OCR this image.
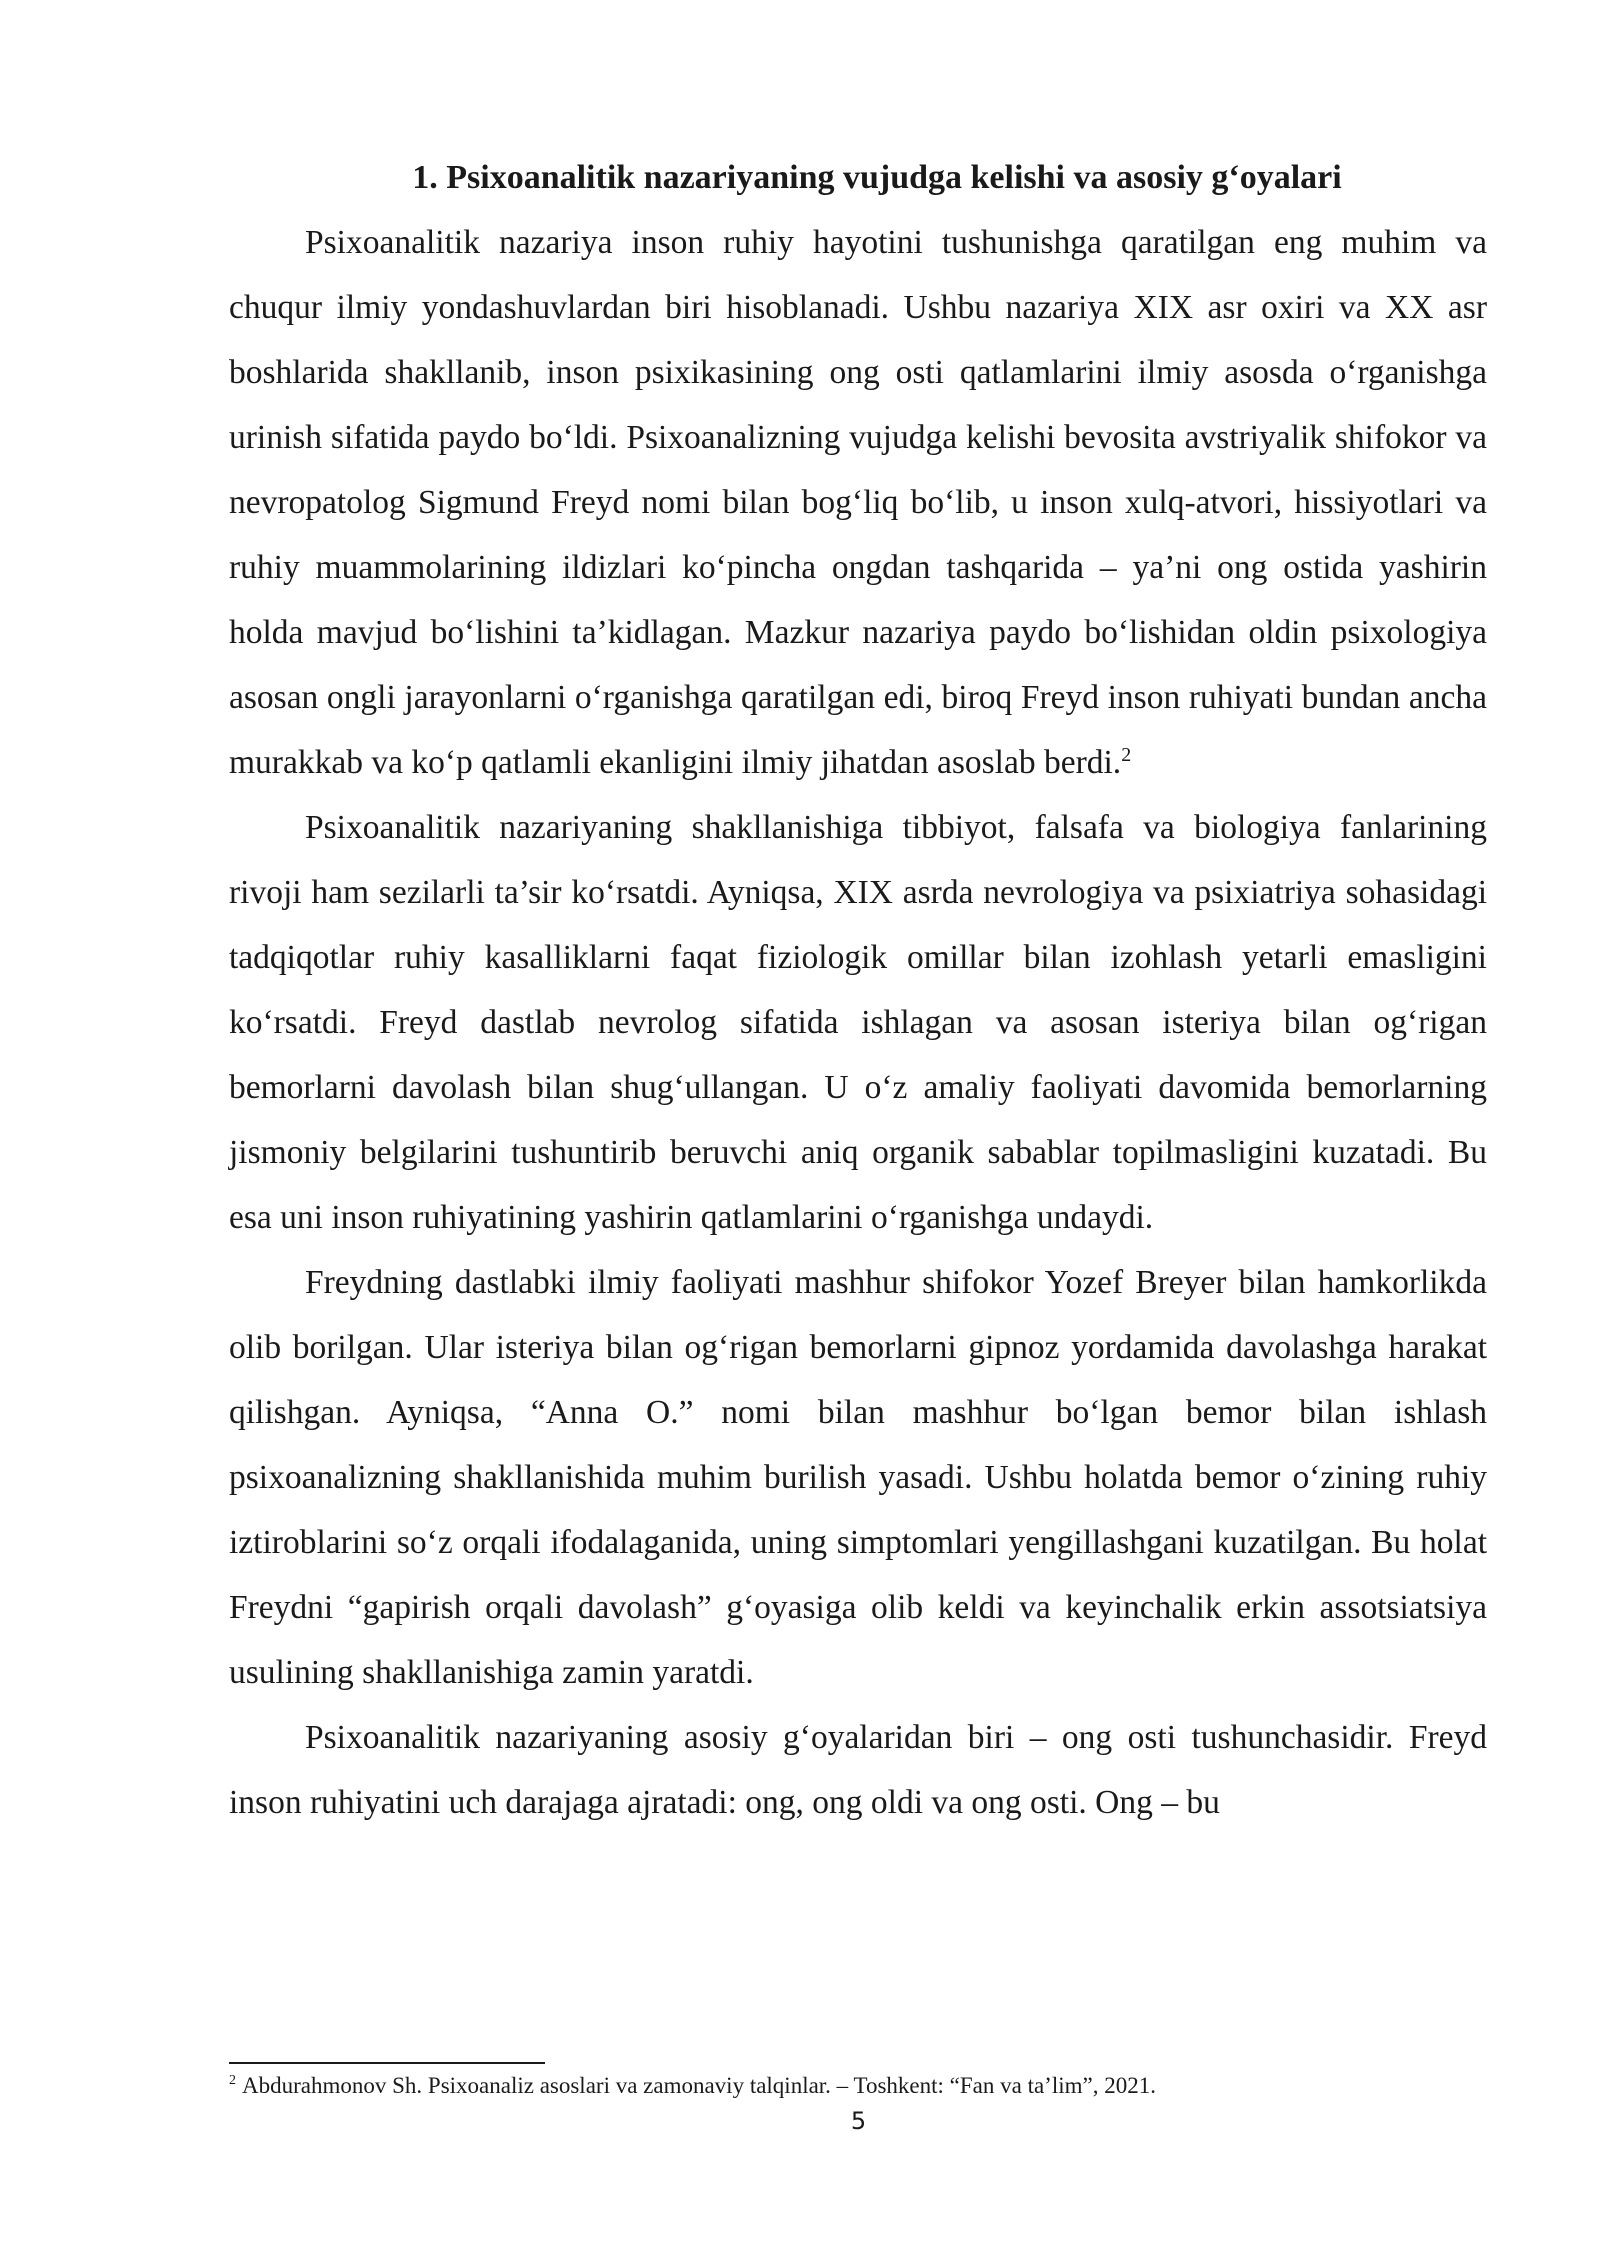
1. Psixoanalitik nazariyaning vujudga kelishi va asosiy g‘oyalari

Psixoanalitik nazariya inson ruhiy hayotini tushunishga qaratilgan eng muhim va chuqur ilmiy yondashuvlardan biri hisoblanadi. Ushbu nazariya XIX asr oxiri va XX asr boshlarida shakllanib, inson psixikasining ong osti qatlamlarini ilmiy asosda o‘rganishga urinish sifatida paydo bo‘ldi. Psixoanalizning vujudga kelishi bevosita avstriyalik shifokor va nevropatolog Sigmund Freyd nomi bilan bog‘liq bo‘lib, u inson xulq-atvori, hissiyotlari va ruhiy muammolarining ildizlari ko‘pincha ongdan tashqarida – ya’ni ong ostida yashirin holda mavjud bo‘lishini ta’kidlagan. Mazkur nazariya paydo bo‘lishidan oldin psixologiya asosan ongli jarayonlarni o‘rganishga qaratilgan edi, biroq Freyd inson ruhiyati bundan ancha murakkab va ko‘p qatlamli ekanligini ilmiy jihatdan asoslab berdi.$^2$

Psixoanalitik nazariyaning shakllanishiga tibbiyot, falsafa va biologiya fanlarining rivoji ham sezilarli ta’sir ko‘rsatdi. Ayniqsa, XIX asrda nevrologiya va psixiatriya sohasidagi tadqiqotlar ruhiy kasalliklarni faqat fiziologik omillar bilan izohlash yetarli emasligini ko‘rsatdi. Freyd dastlab nevrolog sifatida ishlagan va asosan isteriya bilan og‘rigan bemorlarni davolash bilan shug‘ullangan. U o‘z amaliy faoliyati davomida bemorlarning jismoniy belgilarini tushuntirib beruvchi aniq organik sabablar topilmasligini kuzatadi. Bu esa uni inson ruhiyatining yashirin qatlamlarini o‘rganishga undaydi.

Freydning dastlabki ilmiy faoliyati mashhur shifokor Yozef Breyer bilan hamkorlikda olib borilgan. Ular isteriya bilan og‘rigan bemorlarni gipnoz yordamida davolashga harakat qilishgan. Ayniqsa, “Anna O.” nomi bilan mashhur bo‘lgan bemor bilan ishlash psixoanalizning shakllanishida muhim burilish yasadi. Ushbu holatda bemor o‘zining ruhiy iztiroblarini so‘z orqali ifodalaganida, uning simptomlari yengillashgani kuzatilgan. Bu holat Freydni “gapirish orqali davolash” g‘oyasiga olib keldi va keyinchalik erkin assotsiatsiya usulining shakllanishiga zamin yaratdi.

Psixoanalitik nazariyaning asosiy g‘oyalaridan biri – ong osti tushunchasidir. Freyd inson ruhiyatini uch darajaga ajratadi: ong, ong oldi va ong osti. Ong – bu

$^2$ Abdurahmonov Sh. Psixoanaliz asoslari va zamonaviy talqinlar. – Toshkent: “Fan va ta’lim”, 2021.

5
